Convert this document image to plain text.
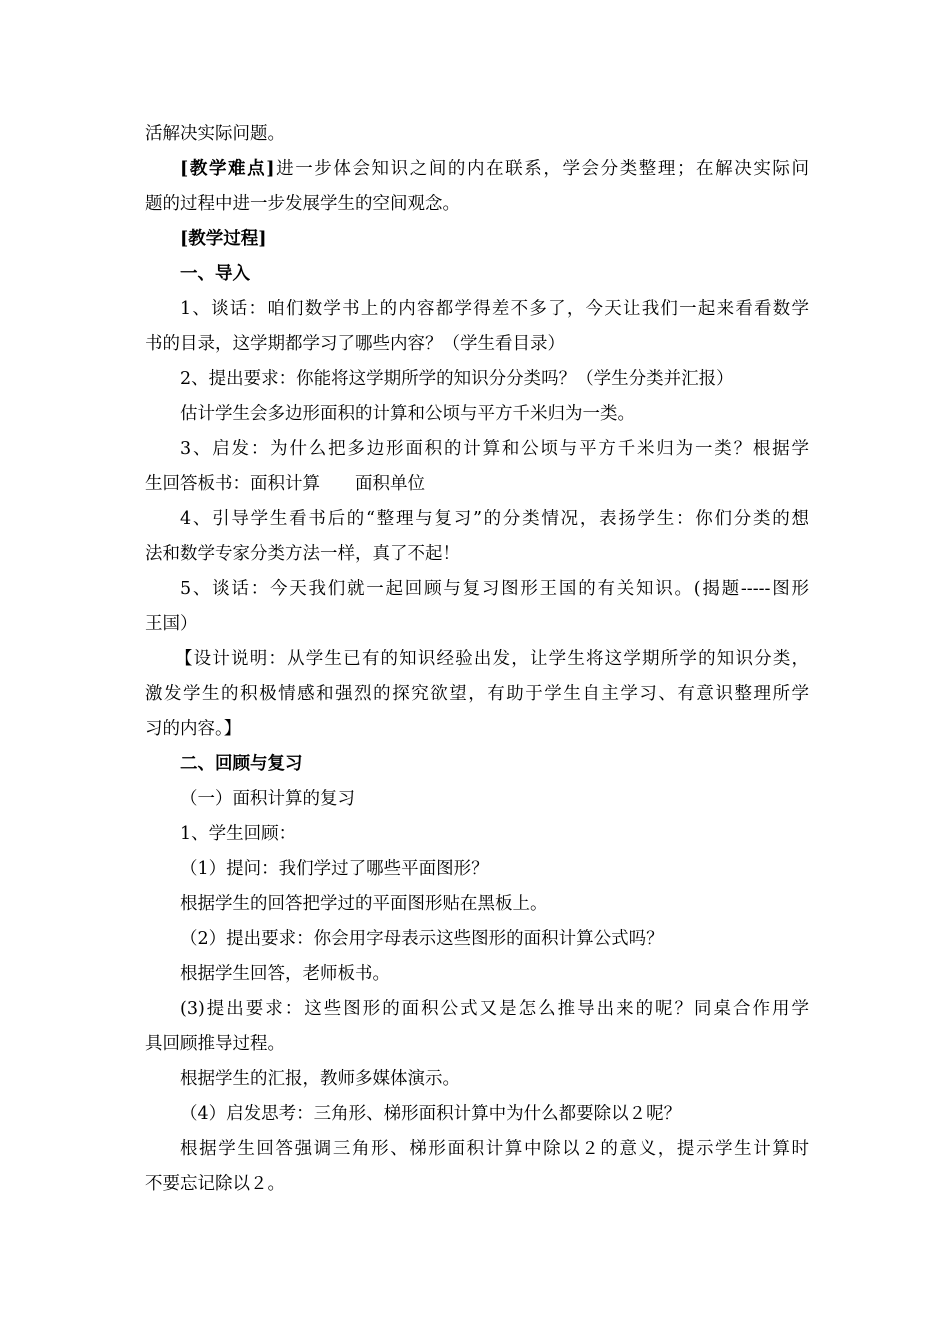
活解决实际问题。
[教学难点]进一步体会知识之间的内在联系，学会分类整理；在解决实际问
题的过程中进一步发展学生的空间观念。
[教学过程]
一、导入
1、谈话：咱们数学书上的内容都学得差不多了，今天让我们一起来看看数学
书的目录，这学期都学习了哪些内容？（学生看目录）
2、提出要求：你能将这学期所学的知识分分类吗？（学生分类并汇报）
估计学生会多边形面积的计算和公顷与平方千米归为一类。
3、启发：为什么把多边形面积的计算和公顷与平方千米归为一类？根据学
生回答板书：面积计算　　面积单位
4、引导学生看书后的“整理与复习”的分类情况，表扬学生：你们分类的想
法和数学专家分类方法一样，真了不起！
5、谈话：今天我们就一起回顾与复习图形王国的有关知识。(揭题-----图形
王国）
【设计说明：从学生已有的知识经验出发，让学生将这学期所学的知识分类，
激发学生的积极情感和强烈的探究欲望，有助于学生自主学习、有意识整理所学
习的内容。】
二、回顾与复习
（一）面积计算的复习
1、学生回顾：
（1）提问：我们学过了哪些平面图形？
根据学生的回答把学过的平面图形贴在黑板上。
（2）提出要求：你会用字母表示这些图形的面积计算公式吗？
根据学生回答，老师板书。
(3)提出要求：这些图形的面积公式又是怎么推导出来的呢？同桌合作用学
具回顾推导过程。
根据学生的汇报，教师多媒体演示。
（4）启发思考：三角形、梯形面积计算中为什么都要除以２呢？
根据学生回答强调三角形、梯形面积计算中除以２的意义，提示学生计算时
不要忘记除以２。
